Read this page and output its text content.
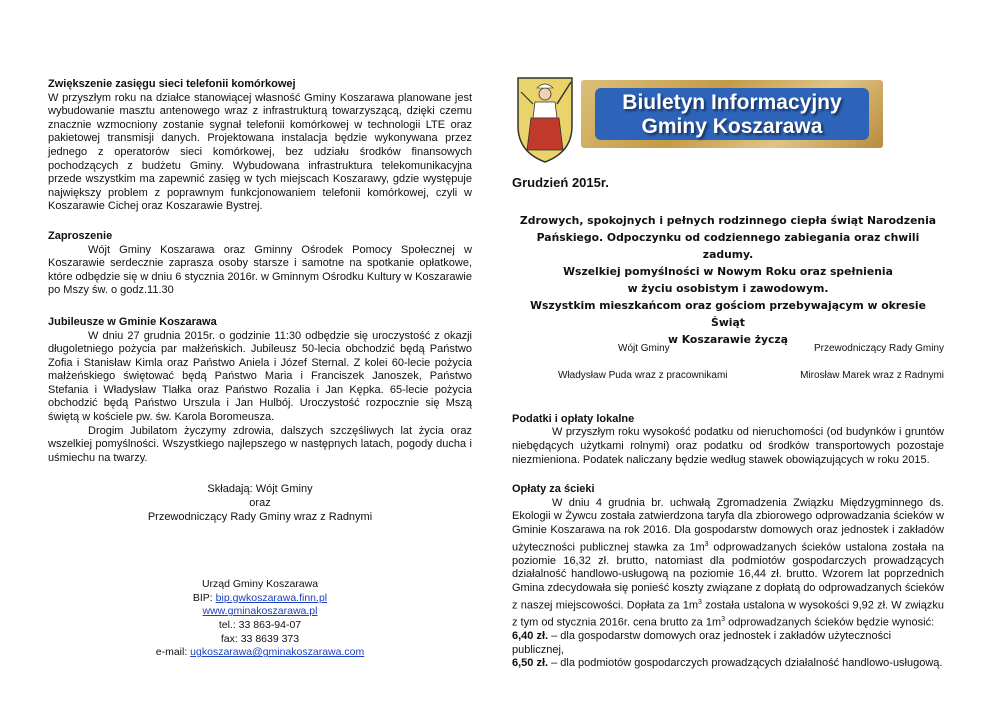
Zwiększenie zasięgu sieci telefonii komórkowej

W przyszłym roku na działce stanowiącej własność Gminy Koszarawa planowane jest wybudowanie masztu antenowego wraz z infrastrukturą towarzyszącą, dzięki czemu znacznie wzmocniony zostanie sygnał telefonii komórkowej w technologii LTE oraz pakietowej transmisji danych. Projektowana instalacja będzie wykonywana przez jednego z operatorów sieci komórkowej, bez udziału środków finansowych pochodzących z budżetu Gminy. Wybudowana infrastruktura telekomunikacyjna przede wszystkim ma zapewnić zasięg w tych miejscach Koszarawy, gdzie występuje największy problem z poprawnym funkcjonowaniem telefonii komórkowej, czyli w Koszarawie Cichej oraz Koszarawie Bystrej.

Zaproszenie

Wójt Gminy Koszarawa oraz Gminny Ośrodek Pomocy Społecznej w Koszarawie serdecznie zaprasza osoby starsze i samotne na spotkanie opłatkowe, które odbędzie się w dniu 6 stycznia 2016r. w Gminnym Ośrodku Kultury w Koszarawie po Mszy św. o godz.11.30

Jubileusze w Gminie Koszarawa

W dniu 27 grudnia 2015r. o godzinie 11:30 odbędzie się uroczystość z okazji długoletniego pożycia par małżeńskich. Jubileusz 50-lecia obchodzić będą Państwo Zofia i Stanisław Kimla oraz Państwo Aniela i Józef Sternal. Z kolei 60-lecie pożycia małżeńskiego świętować będą Państwo Maria i Franciszek Janoszek, Państwo Stefania i Władysław Tlałka oraz Państwo Rozalia i Jan Kępka. 65-lecie pożycia obchodzić będą Państwo Urszula i Jan Hulbój. Uroczystość rozpocznie się Mszą świętą w kościele pw. św. Karola Boromeusza.

Drogim Jubilatom życzymy zdrowia, dalszych szczęśliwych lat życia oraz wszelkiej pomyślności. Wszystkiego najlepszego w następnych latach, pogody ducha i uśmiechu na twarzy.

Składają: Wójt Gminy

oraz

Przewodniczący Rady Gminy wraz z Radnymi

Urząd Gminy Koszarawa

BIP: bip.gwkoszarawa.finn.pl

www.gminakoszarawa.pl

tel.: 33 863-94-07

fax: 33 8639 373

e-mail: ugkoszarawa@gminakoszarawa.com

Biuletyn Informacyjny
Gminy Koszarawa

Grudzień 2015r.

Zdrowych, spokojnych i pełnych rodzinnego ciepła świąt Narodzenia
Pańskiego. Odpoczynku od codziennego zabiegania oraz chwili zadumy.
Wszelkiej pomyślności w Nowym Roku oraz spełnienia
w życiu osobistym i zawodowym.
Wszystkim mieszkańcom oraz gościom przebywającym w okresie Świąt
w Koszarawie życzą
Wójt Gminy	Przewodniczący Rady Gminy
Władysław Puda wraz z pracownikami	Mirosław Marek wraz z Radnymi

Podatki i opłaty lokalne

W przyszłym roku wysokość podatku od nieruchomości (od budynków i gruntów niebędących użytkami rolnymi) oraz podatku od środków transportowych pozostaje niezmieniona. Podatek naliczany będzie według stawek obowiązujących w roku 2015.

Opłaty za ścieki

W dniu 4 grudnia br. uchwałą Zgromadzenia Związku Międzygminnego ds. Ekologii w Żywcu została zatwierdzona taryfa dla zbiorowego odprowadzania ścieków w Gminie Koszarawa na rok 2016. Dla gospodarstw domowych oraz jednostek i zakładów użyteczności publicznej stawka za $1m^3$ odprowadzanych ścieków ustalona została na poziomie 16,32 zł. brutto, natomiast dla podmiotów gospodarczych prowadzących działalność handlowo-usługową na poziomie 16,44 zł. brutto. Wzorem lat poprzednich Gmina zdecydowała się ponieść koszty związane z dopłatą do odprowadzanych ścieków z naszej miejscowości. Dopłata za $1m^3$ została ustalona w wysokości 9,92 zł. W związku z tym od stycznia 2016r. cena brutto za $1m^3$ odprowadzanych ścieków będzie wynosić:

6,40 zł. – dla gospodarstw domowych oraz jednostek i zakładów użyteczności publicznej,

6,50 zł. – dla podmiotów gospodarczych prowadzących działalność handlowo-usługową.
